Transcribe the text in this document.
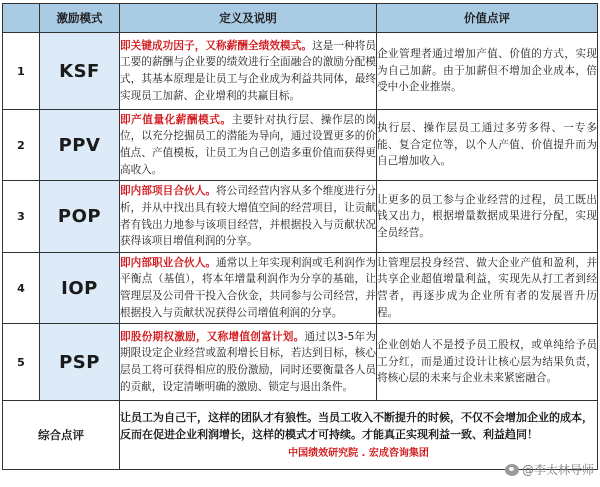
	激励模式	定义及说明	价值点评
1	KSF	即关键成功因子，又称薪酬全绩效模式。这是一种将员工要的薪酬与企业要的绩效进行全面融合的激励分配模式，其基本原理是让员工与企业成为利益共同体，最终实现员工加薪、企业增利的共赢目标。	企业管理者通过增加产值、价值的方式，实现为自己加薪。由于加薪但不增加企业成本，倍受中小企业推崇。
2	PPV	即产值量化薪酬模式。主要针对执行层、操作层的岗位，以充分挖掘员工的潜能为导向，通过设置更多的价值点、产值模板，让员工为自己创造多重价值而获得更高收入。	执行层、操作层员工通过多劳多得、一专多能、复合定位等，以个人产值、价值提升而为自己增加收入。
3	POP	即内部项目合伙人。将公司经营内容从多个维度进行分析，并从中找出具有较大增值空间的经营项目，让贡献者有钱出力地参与该项目经营，并根据投入与贡献状况获得该项目增值利润的分享。	让更多的员工参与企业经营的过程，员工既出钱又出力，根据增量数据成果进行分配，实现全员经营。
4	IOP	即内部职业合伙人。通常以上年实现利润或毛利润作为平衡点（基值），将本年增量利润作为分享的基础，让管理层及公司骨干投入合伙金，共同参与公司经营，并根据投入与贡献状况获得公司增值利润的分享。	让管理层投身经营、做大企业产值和盈利，并共享企业超值增量利益，实现先从打工者到经营者，再逐步成为企业所有者的发展晋升历程。
5	PSP	即股份期权激励，又称增值创富计划。通过以3-5年为期限设定企业经营或盈利增长目标，若达到目标，核心层员工将可获得相应的股份激励，同时还要衡量各人员的贡献，设定清晰明确的激励、锁定与退出条件。	企业创始人不是授予员工股权，或单纯给予员工分红，而是通过设计让核心层为结果负责，将核心层的未来与企业未来紧密融合。
综合点评		让员工为自己干，这样的团队才有狼性。当员工收入不断提升的时候，不仅不会增加企业的成本，反而在促进企业利润增长，这样的模式才可持续。才能真正实现利益一致、利益趋同！
中国绩效研究院 . 宏成咨询集团	
@李太林导师
